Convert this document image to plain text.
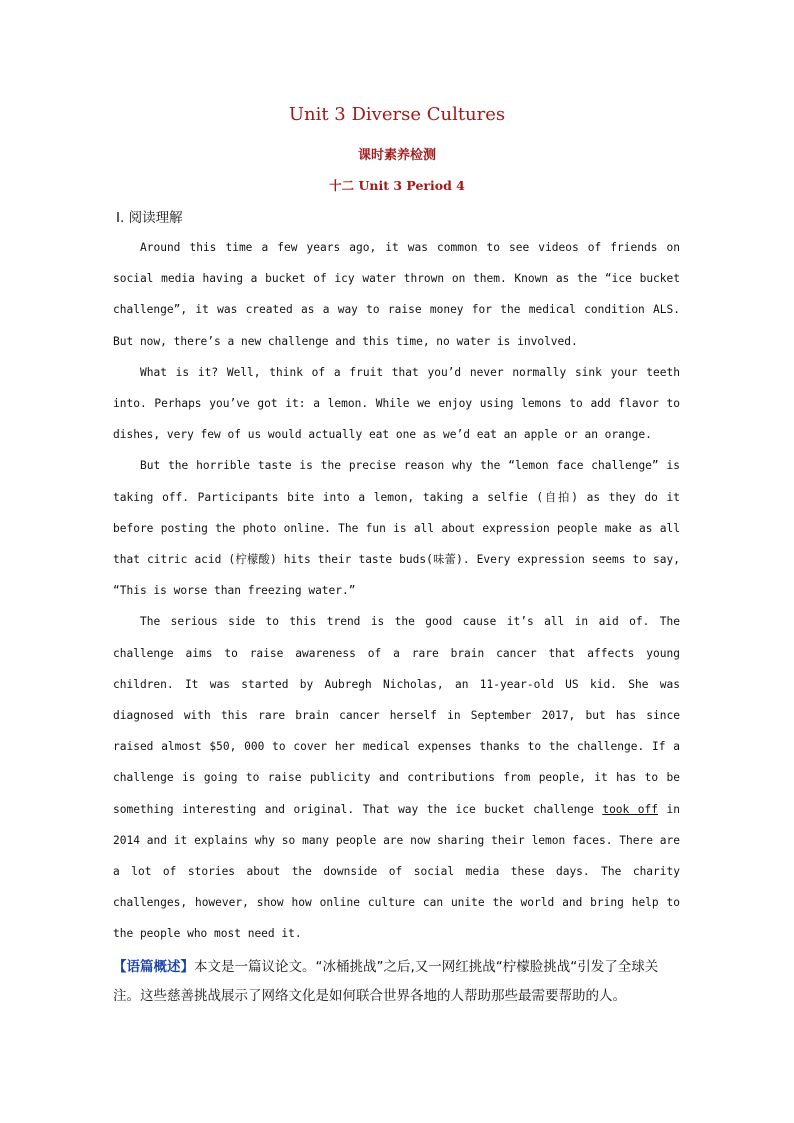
Unit 3 Diverse Cultures
课时素养检测
十二 Unit 3 Period 4
Ⅰ. 阅读理解

Around this time a few years ago, it was common to see videos of friends on social media having a bucket of icy water thrown on them. Known as the “ice bucket challenge”, it was created as a way to raise money for the medical condition ALS. But now, there’s a new challenge and this time, no water is involved.

What is it? Well, think of a fruit that you’d never normally sink your teeth into. Perhaps you’ve got it: a lemon. While we enjoy using lemons to add flavor to dishes, very few of us would actually eat one as we’d eat an apple or an orange.

But the horrible taste is the precise reason why the “lemon face challenge” is taking off. Participants bite into a lemon, taking a selfie (自拍) as they do it before posting the photo online. The fun is all about expression people make as all that citric acid (柠檬酸) hits their taste buds(味蕾). Every expression seems to say, “This is worse than freezing water.”

The serious side to this trend is the good cause it’s all in aid of. The challenge aims to raise awareness of a rare brain cancer that affects young children. It was started by Aubregh Nicholas, an 11-year-old US kid. She was diagnosed with this rare brain cancer herself in September 2017, but has since raised almost $50, 000 to cover her medical expenses thanks to the challenge. If a challenge is going to raise publicity and contributions from people, it has to be something interesting and original. That way the ice bucket challenge took off in 2014 and it explains why so many people are now sharing their lemon faces. There are a lot of stories about the downside of social media these days. The charity challenges, however, show how online culture can unite the world and bring help to the people who most need it.

【语篇概述】本文是一篇议论文。“冰桶挑战”之后,又一网红挑战“柠檬脸挑战“引发了全球关注。这些慈善挑战展示了网络文化是如何联合世界各地的人帮助那些最需要帮助的人。
